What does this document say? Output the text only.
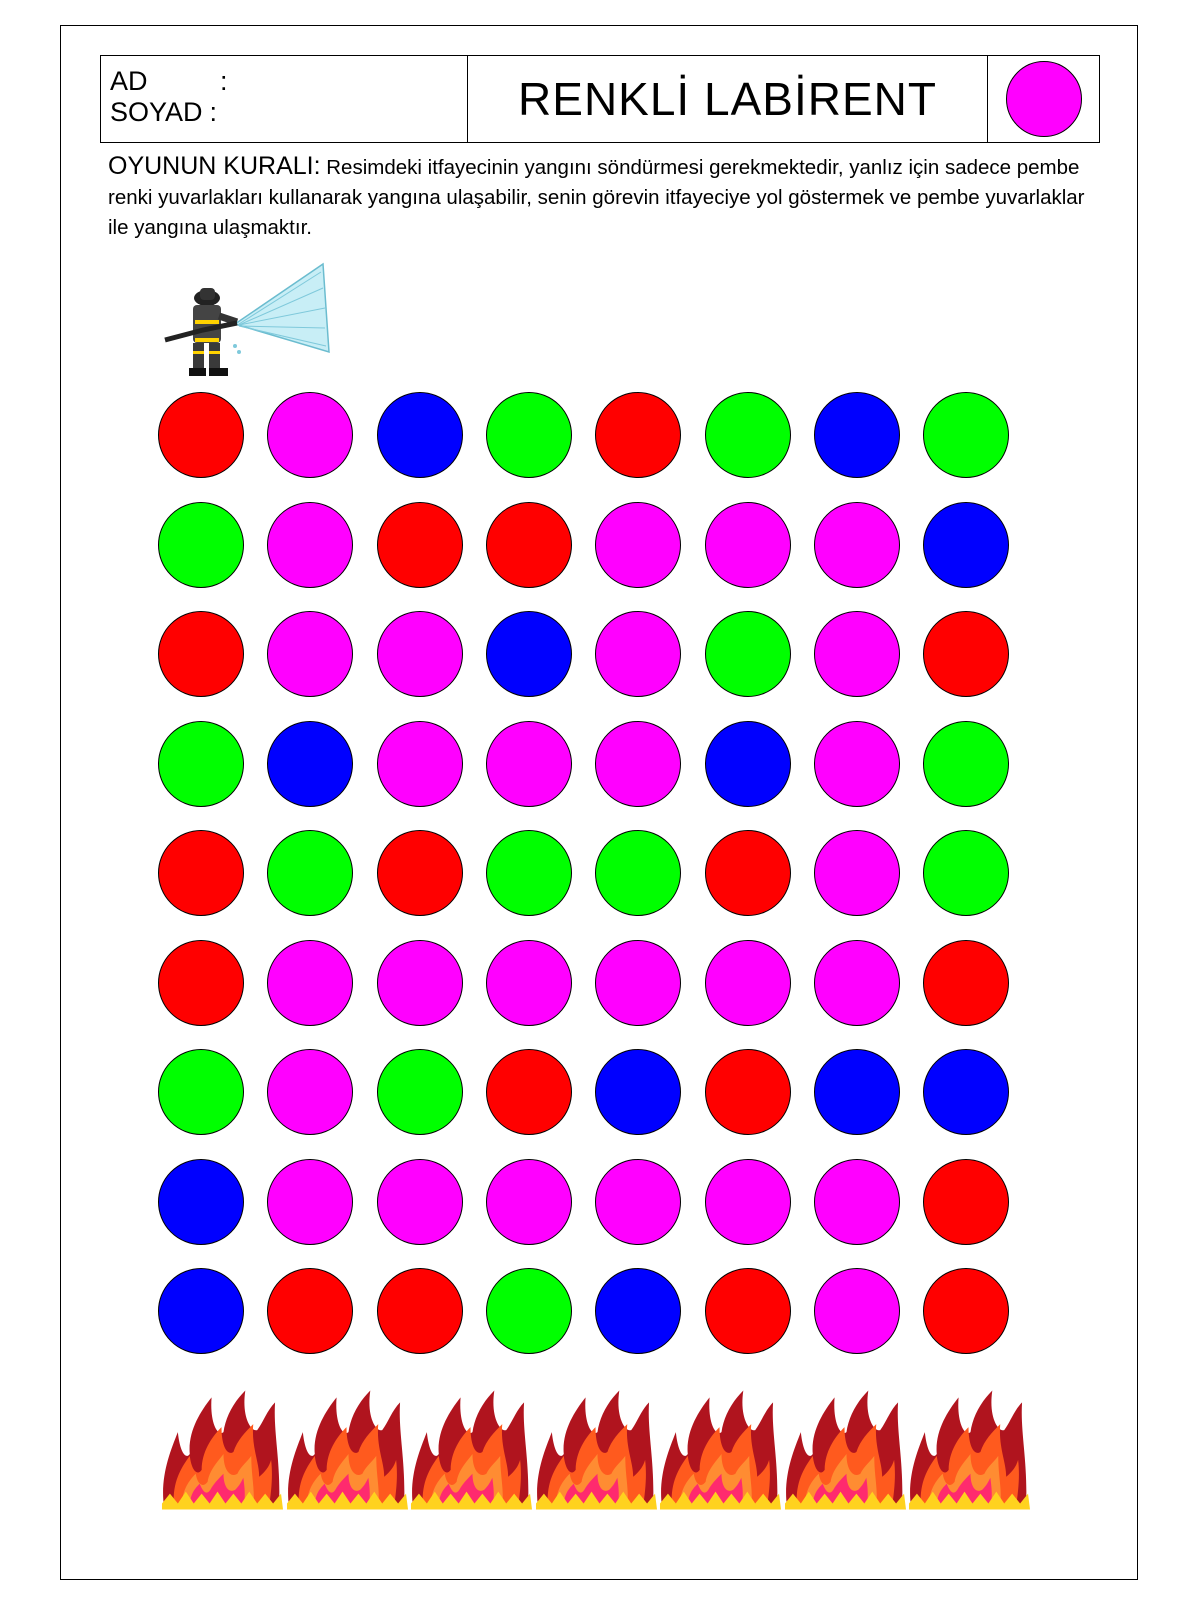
AD	:
SOYAD :	RENKLİ LABİRENT
OYUNUN KURALI: Resimdeki itfayecinin yangını söndürmesi gerekmektedir, yanlız için sadece pembe renki yuvarlakları kullanarak yangına ulaşabilir, senin görevin itfayeciye yol göstermek ve pembe yuvarlaklar ile yangına ulaşmaktır.
